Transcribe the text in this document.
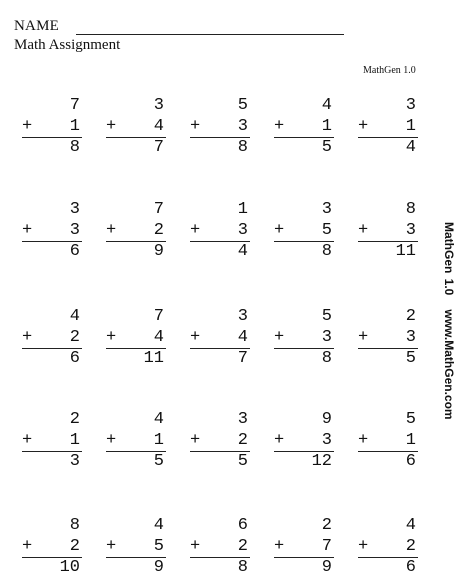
NAME
Math Assignment
MathGen 1.0
MathGen 1.0www.MathGen.com
7
+ 1
8
3
+ 4
7
5
+ 3
8
4
+ 1
5
3
+ 1
4
3
+ 3
6
7
+ 2
9
1
+ 3
4
3
+ 5
8
8
+ 3
11
4
+ 2
6
7
+ 4
11
3
+ 4
7
5
+ 3
8
2
+ 3
5
2
+ 1
3
4
+ 1
5
3
+ 2
5
9
+ 3
12
5
+ 1
6
8
+ 2
10
4
+ 5
9
6
+ 2
8
2
+ 7
9
4
+ 2
6
